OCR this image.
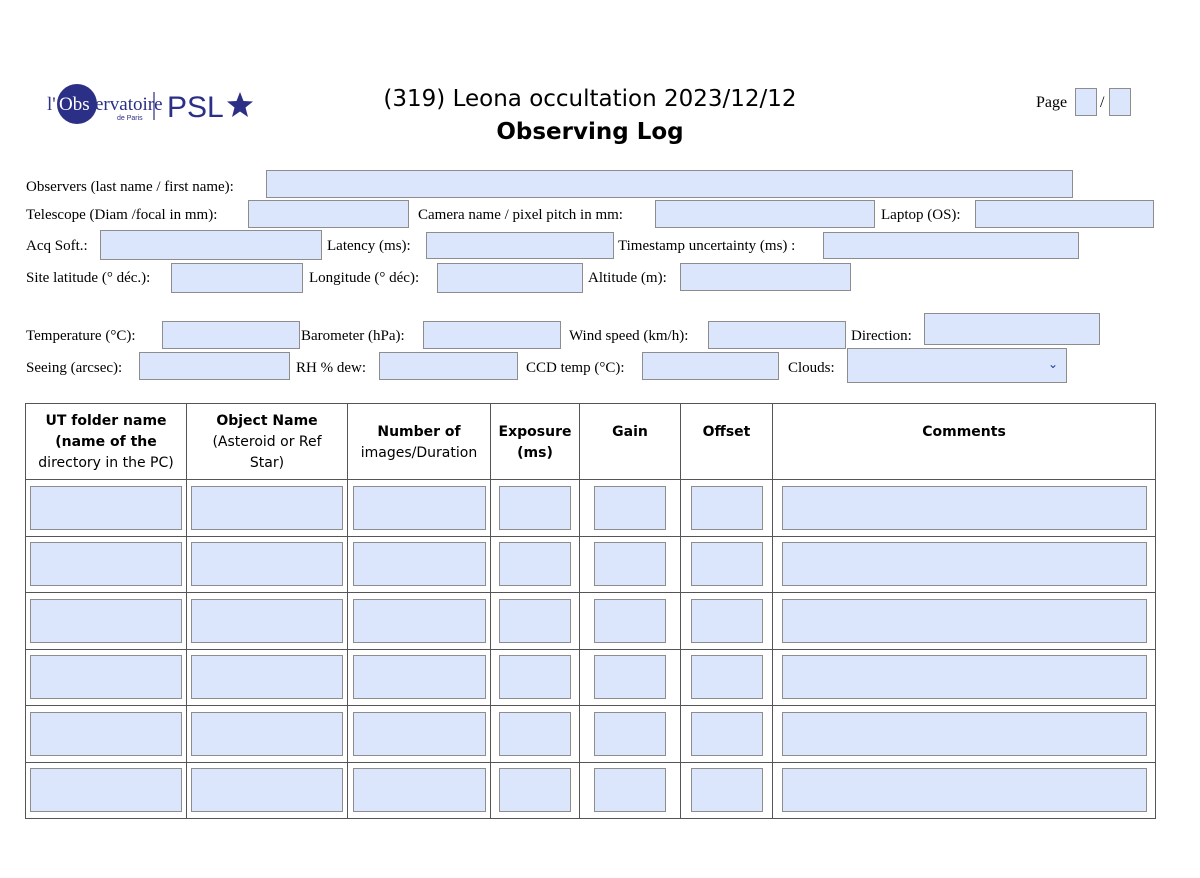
l' Obs ervatoire
de Paris PSL	(319) Leona occultation 2023/12/12
Observing Log
Page /
Observers (last name / first name):
Telescope (Diam /focal in mm):	Camera name / pixel pitch in mm:	Laptop (OS):
Acq Soft.:	Latency (ms):	Timestamp uncertainty (ms) :
Site latitude (° déc.):	Longitude (° déc):	Altitude (m):
Temperature (°C):	Barometer (hPa):	Wind speed (km/h):	Direction:
Seeing (arcsec):	RH % dew:	CCD temp (°C):	Clouds:	⌄
UT folder name
(name of the
directory in the PC)	Object Name
(Asteroid or Ref
Star)	Number of
images/Duration	Exposure
(ms)	Gain	Offset	Comments
